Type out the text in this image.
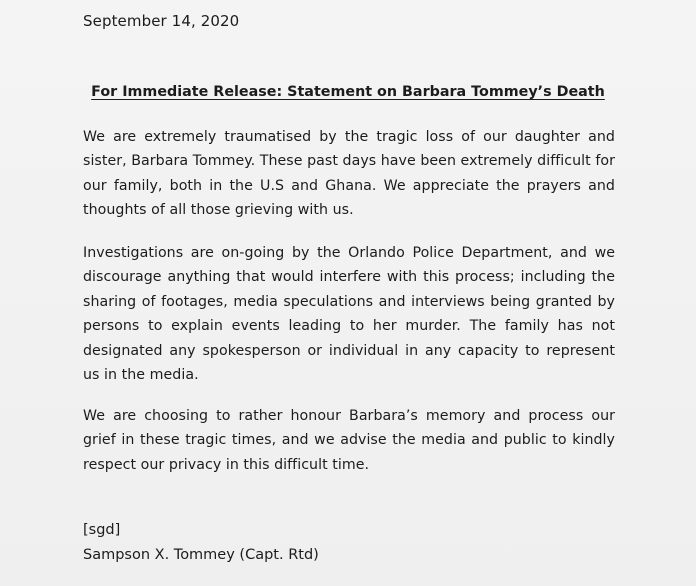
September 14, 2020
For Immediate Release: Statement on Barbara Tommey’s Death

We are extremely traumatised by the tragic loss of our daughter and sister, Barbara Tommey. These past days have been extremely difficult for our family, both in the U.S and Ghana. We appreciate the prayers and thoughts of all those grieving with us.

Investigations are on-going by the Orlando Police Department, and we discourage anything that would interfere with this process; including the sharing of footages, media speculations and interviews being granted by persons to explain events leading to her murder. The family has not designated any spokesperson or individual in any capacity to represent us in the media.

We are choosing to rather honour Barbara’s memory and process our grief in these tragic times, and we advise the media and public to kindly respect our privacy in this difficult time.

[sgd]
Sampson X. Tommey (Capt. Rtd)
